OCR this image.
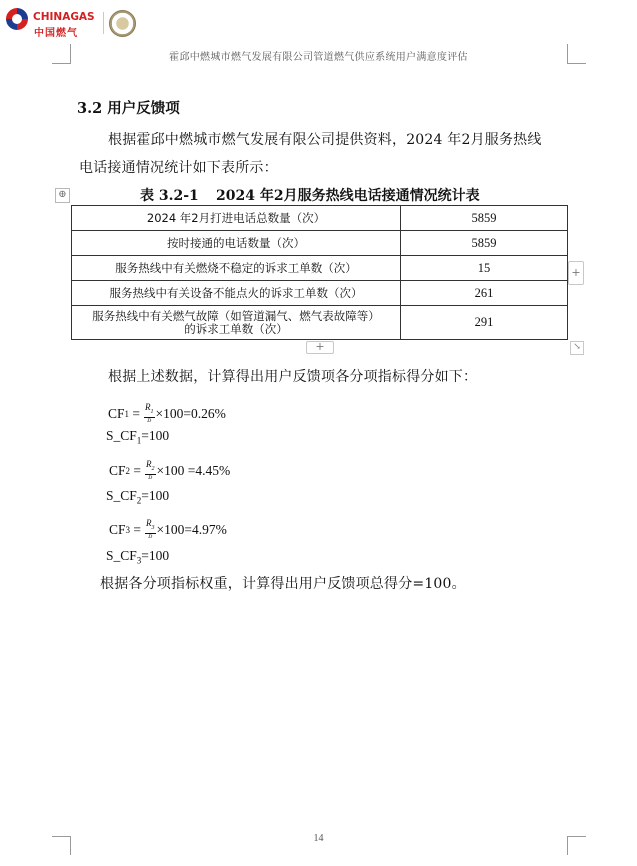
CHINAGAS
中国燃气
霍邱中燃城市燃气发展有限公司管道燃气供应系统用户满意度评估
3.2 用户反馈项
根据霍邱中燃城市燃气发展有限公司提供资料，2024 年2月服务热线
电话接通情况统计如下表所示：
⊕	表 3.2-1 2024 年2月服务热线电话接通情况统计表
2024 年2月打进电话总数量（次）	5859
按时接通的电话数量（次）	5859
服务热线中有关燃烧不稳定的诉求工单数（次）	15
服务热线中有关设备不能点火的诉求工单数（次）	261

服务热线中有关燃气故障（如管道漏气、燃气表故障等）
的诉求工单数（次）	291
+
+	↘
根据上述数据，计算得出用户反馈项各分项指标得分如下：
CF $1 = \frac{R_1}{D} \times 100=0.26\%$
$S\_CF_1=100$
CF $2 = \frac{R_2}{D} \times 100 =4.45\%$
$S\_CF_2=100$
CF $3 = \frac{R_3}{D} \times 100=4.97\%$
$S\_CF_3=100$
根据各分项指标权重，计算得出用户反馈项总得分=100。
14
